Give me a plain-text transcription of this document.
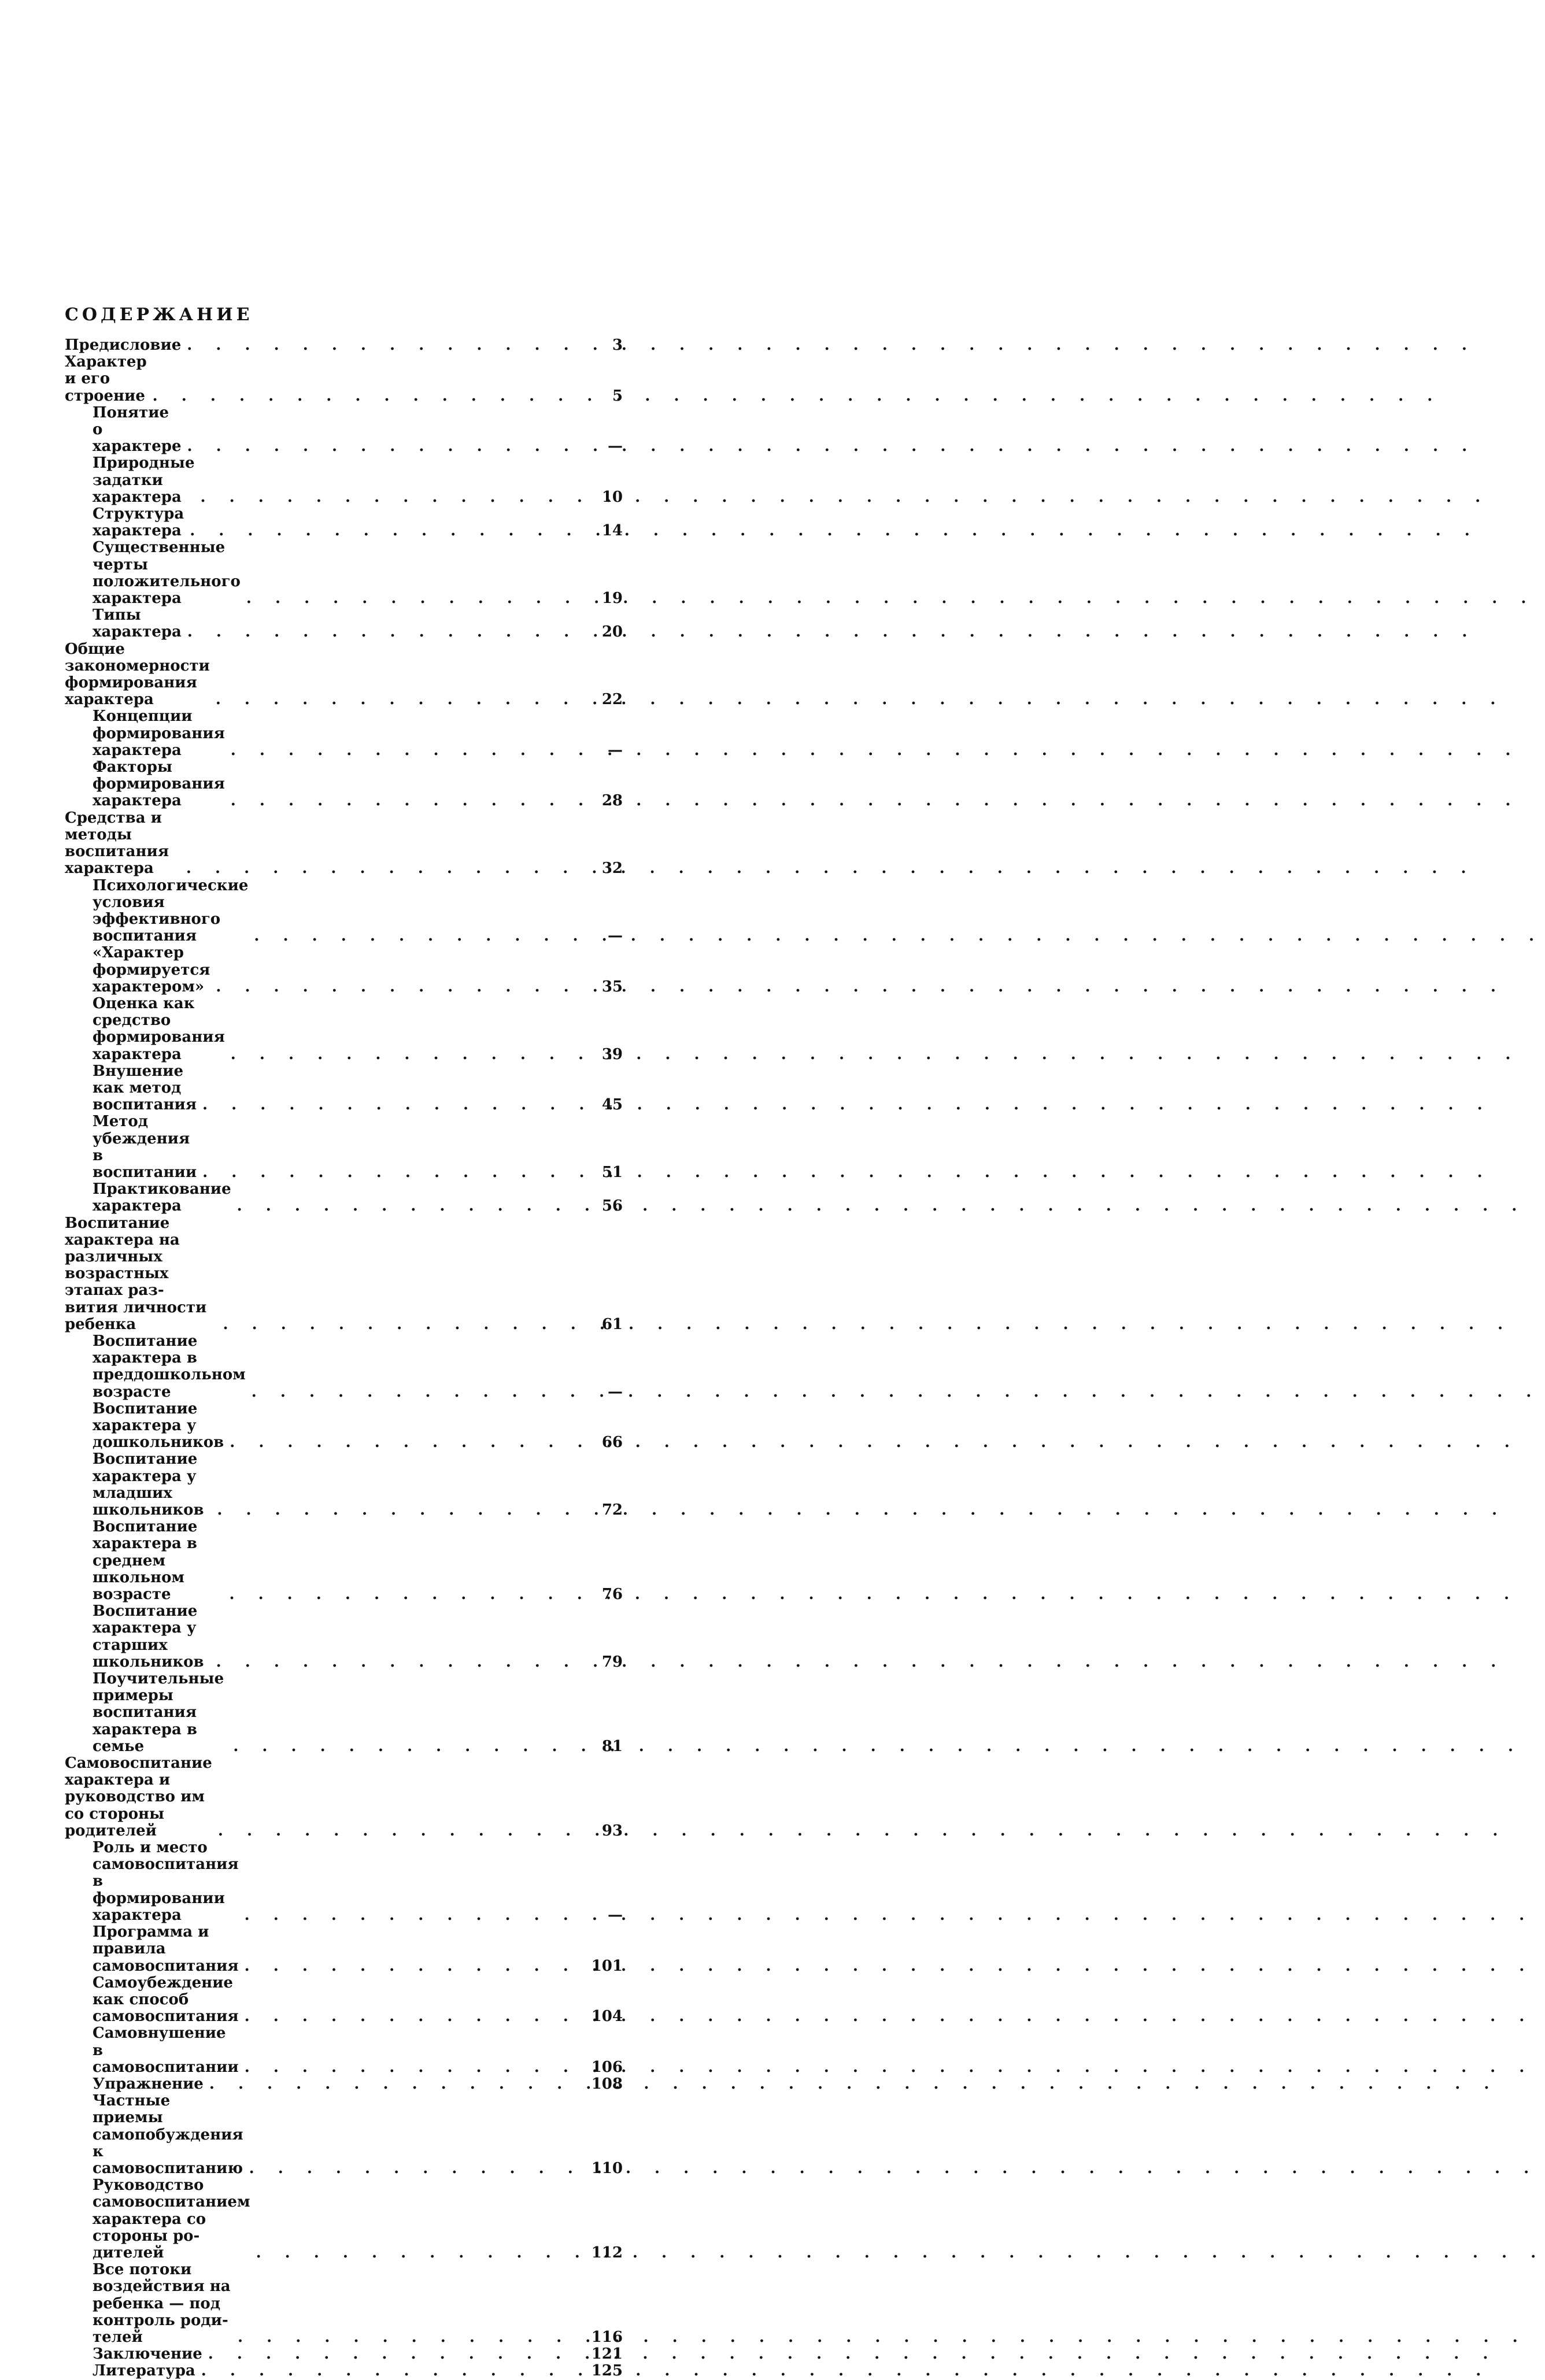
СОДЕРЖАНИЕ
Предисловие . . .	3
Характер и его строение . . .	5
Понятие о характере . . .	—
Природные задатки характера . . .	10
Структура характера . . .	14
Существенные черты положительного характера . . .	19
Типы характера . . .	20
Общие закономерности формирования характера . . .	22
Концепции формирования характера . . .	—
Факторы формирования характера . . .	28
Средства и методы воспитания характера . . .	32
Психологические условия эффективного воспитания . . .	—
«Характер формируется характером» . . .	35
Оценка как средство формирования характера . . .	39
Внушение как метод воспитания . . .	45
Метод убеждения в воспитании . . .	51
Практикование характера . . .	56
Воспитание характера на различных возрастных этапах раз-
вития личности ребенка . . .	61
Воспитание характера в преддошкольном возрасте . . .	—
Воспитание характера у дошкольников . . .	66
Воспитание характера у младших школьников . . .	72
Воспитание характера в среднем школьном возрасте . . .	76
Воспитание характера у старших школьников . . .	79
Поучительные примеры воспитания характера в семье . . .	81
Самовоспитание характера и руководство им со стороны
родителей . . .	93
Роль и место самовоспитания в формировании характера . . .	—
Программа и правила самовоспитания . . .	101
Самоубеждение как способ самовоспитания . . .	104
Самовнушение в самовоспитании . . .	106
Упражнение . . .	108
Частные приемы самопобуждения к самовоспитанию . . .	110
Руководство самовоспитанием характера со стороны ро-
дителей . . .	112
Все потоки воздействия на ребенка — под контроль роди-
телей . . .	116
Заключение . . .	121
Литература . . .	125
